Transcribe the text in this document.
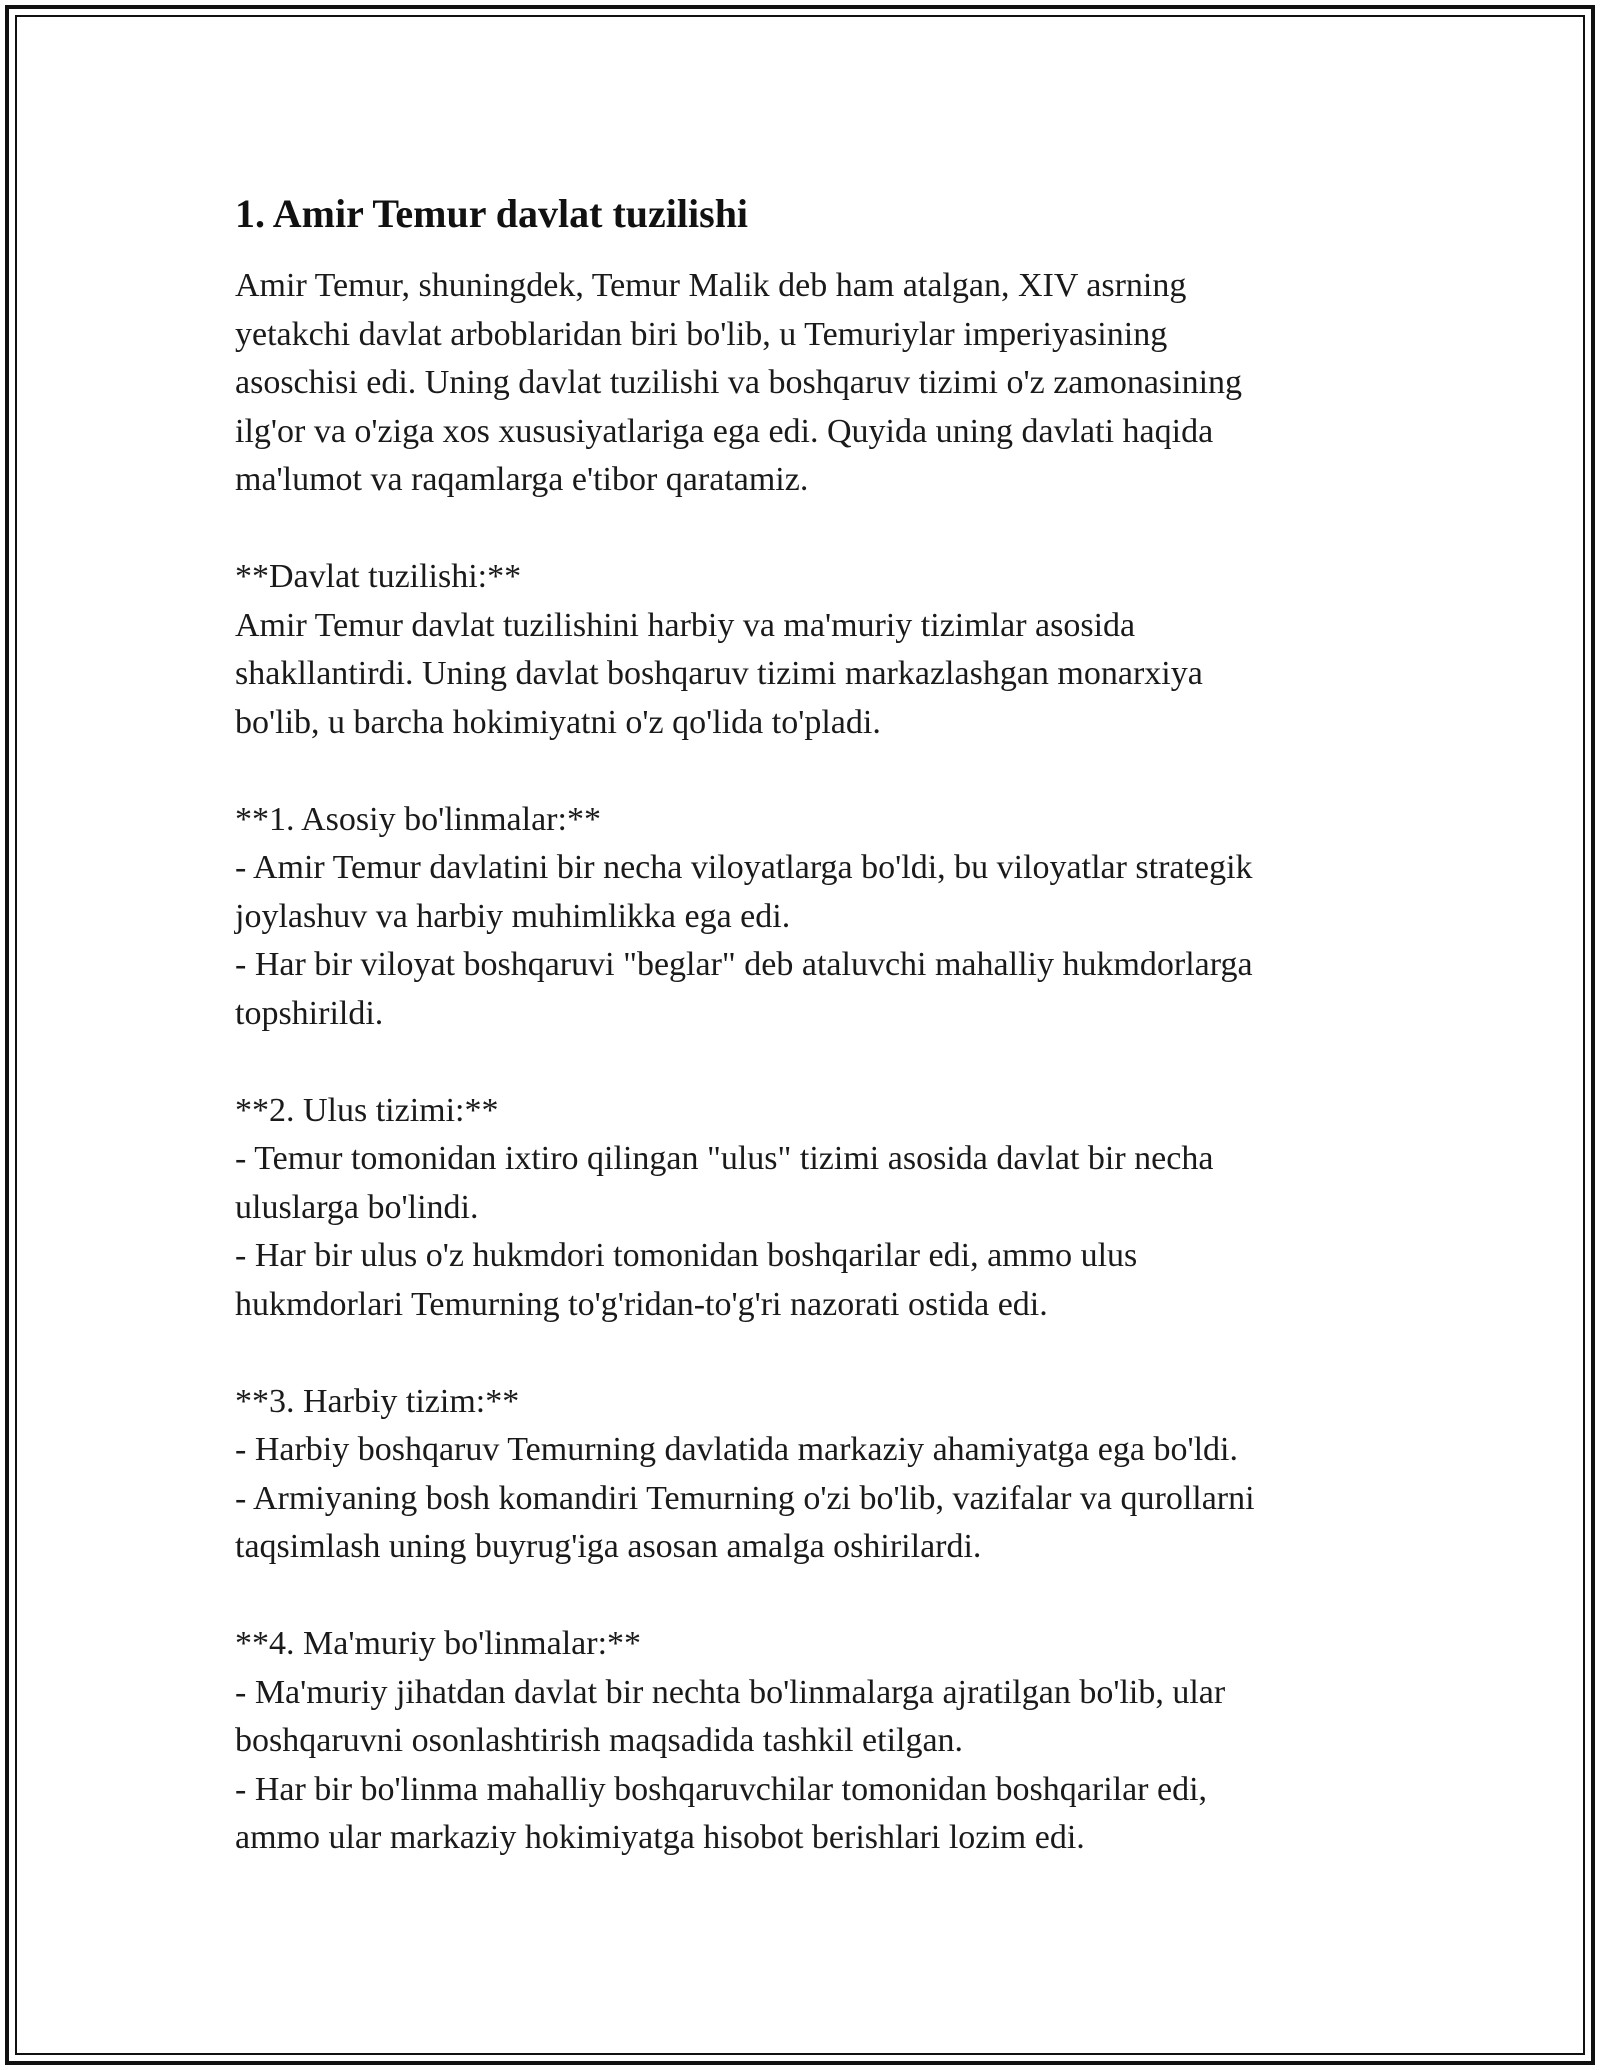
1. Amir Temur davlat tuzilishi
Amir Temur, shuningdek, Temur Malik deb ham atalgan, XIV asrning
yetakchi davlat arboblaridan biri bo'lib, u Temuriylar imperiyasining
asoschisi edi. Uning davlat tuzilishi va boshqaruv tizimi o'z zamonasining
ilg'or va o'ziga xos xususiyatlariga ega edi. Quyida uning davlati haqida
ma'lumot va raqamlarga e'tibor qaratamiz.
**Davlat tuzilishi:**
Amir Temur davlat tuzilishini harbiy va ma'muriy tizimlar asosida
shakllantirdi. Uning davlat boshqaruv tizimi markazlashgan monarxiya
bo'lib, u barcha hokimiyatni o'z qo'lida to'pladi.
**1. Asosiy bo'linmalar:**
- Amir Temur davlatini bir necha viloyatlarga bo'ldi, bu viloyatlar strategik
joylashuv va harbiy muhimlikka ega edi.
- Har bir viloyat boshqaruvi "beglar" deb ataluvchi mahalliy hukmdorlarga
topshirildi.
**2. Ulus tizimi:**
- Temur tomonidan ixtiro qilingan "ulus" tizimi asosida davlat bir necha
uluslarga bo'lindi.
- Har bir ulus o'z hukmdori tomonidan boshqarilar edi, ammo ulus
hukmdorlari Temurning to'g'ridan-to'g'ri nazorati ostida edi.
**3. Harbiy tizim:**
- Harbiy boshqaruv Temurning davlatida markaziy ahamiyatga ega bo'ldi.
- Armiyaning bosh komandiri Temurning o'zi bo'lib, vazifalar va qurollarni
taqsimlash uning buyrug'iga asosan amalga oshirilardi.
**4. Ma'muriy bo'linmalar:**
- Ma'muriy jihatdan davlat bir nechta bo'linmalarga ajratilgan bo'lib, ular
boshqaruvni osonlashtirish maqsadida tashkil etilgan.
- Har bir bo'linma mahalliy boshqaruvchilar tomonidan boshqarilar edi,
ammo ular markaziy hokimiyatga hisobot berishlari lozim edi.
